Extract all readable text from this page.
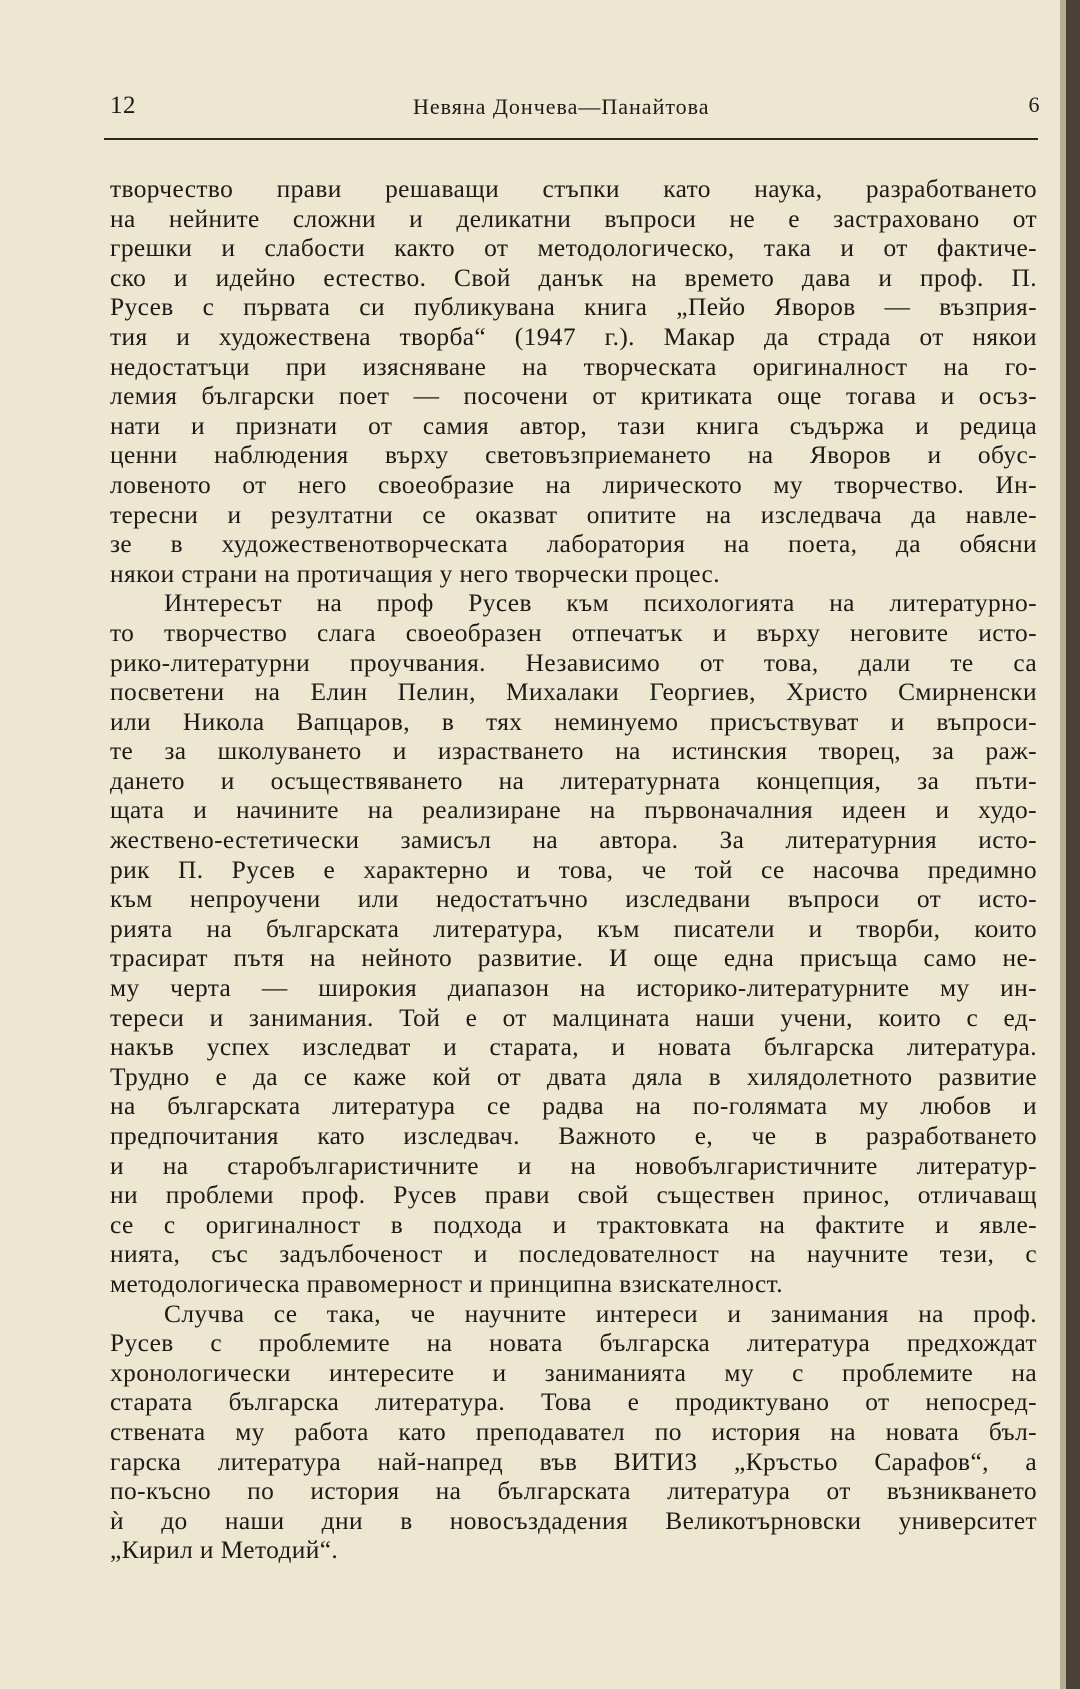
12	Невяна Дончева—Панайтова	6
творчество прави решаващи стъпки като наука, разработването
на нейните сложни и деликатни въпроси не е застраховано от
грешки и слабости както от методологическо, така и от фактиче-
ско и идейно естество. Свой данък на времето дава и проф. П.
Русев с първата си публикувана книга „Пейо Яворов — възприя-
тия и художествена творба“ (1947 г.). Макар да страда от някои
недостатъци при изясняване на творческата оригиналност на го-
лемия български поет — посочени от критиката още тогава и осъз-
нати и признати от самия автор, тази книга съдържа и редица
ценни наблюдения върху световъзприемането на Яворов и обус-
ловеното от него своеобразие на лирическото му творчество. Ин-
тересни и резултатни се оказват опитите на изследвача да навле-
зе в художественотворческата лаборатория на поета, да обясни
някои страни на протичащия у него творчески процес.
Интересът на проф Русев към психологията на литературно-
то творчество слага своеобразен отпечатък и върху неговите исто-
рико-литературни проучвания. Независимо от това, дали те са
посветени на Елин Пелин, Михалаки Георгиев, Христо Смирненски
или Никола Вапцаров, в тях неминуемо присъствуват и въпроси-
те за школуването и израстването на истинския творец, за раж-
дането и осъществяването на литературната концепция, за пъти-
щата и начините на реализиране на първоначалния идеен и худо-
жествено-естетически замисъл на автора. За литературния исто-
рик П. Русев е характерно и това, че той се насочва предимно
към непроучени или недостатъчно изследвани въпроси от исто-
рията на българската литература, към писатели и творби, които
трасират пътя на нейното развитие. И още една присъща само не-
му черта — широкия диапазон на историко-литературните му ин-
тереси и занимания. Той е от малцината наши учени, които с ед-
накъв успех изследват и старата, и новата българска литература.
Трудно е да се каже кой от двата дяла в хилядолетното развитие
на българската литература се радва на по-голямата му любов и
предпочитания като изследвач. Важното е, че в разработването
и на старобългаристичните и на новобългаристичните литератур-
ни проблеми проф. Русев прави свой съществен принос, отличаващ
се с оригиналност в подхода и трактовката на фактите и явле-
нията, със задълбоченост и последователност на научните тези, с
методологическа правомерност и принципна взискателност.
Случва се така, че научните интереси и занимания на проф.
Русев с проблемите на новата българска литература предхождат
хронологически интересите и заниманията му с проблемите на
старата българска литература. Това е продиктувано от непосред-
ствената му работа като преподавател по история на новата бъл-
гарска литература най-напред във ВИТИЗ „Кръстьо Сарафов“, а
по-късно по история на българската литература от възникването
ѝ до наши дни в новосъздадения Великотърновски университет
„Кирил и Методий“.
